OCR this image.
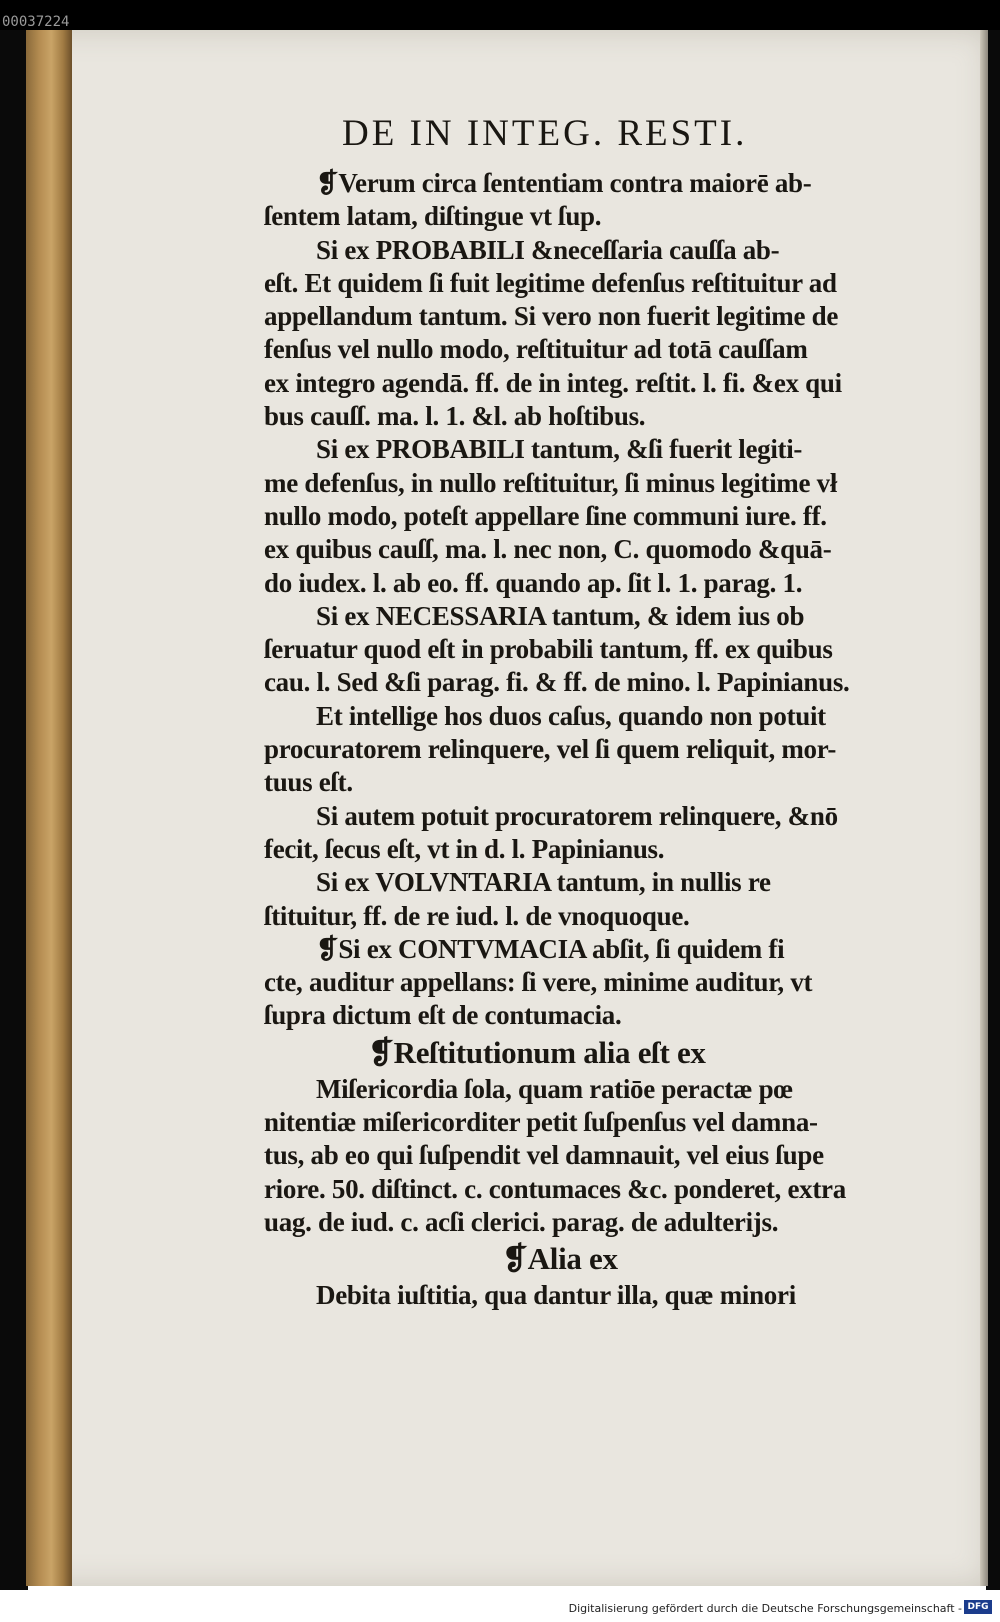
00037224
DE IN INTEG. RESTI.
❡Verum circa ſententiam contra maiorē ab-
ſentem latam, diſtingue vt ſup.
Si ex PROBABILI &neceſſaria cauſſa ab-
eſt. Et quidem ſi fuit legitime defenſus reſtituitur ad
appellandum tantum. Si vero non fuerit legitime de
fenſus vel nullo modo, reſtituitur ad totā cauſſam
ex integro agendā. ff. de in integ. reſtit. l. fi. &ex qui
bus cauſſ. ma. l. 1. &l. ab hoſtibus.
Si ex PROBABILI tantum, &ſi fuerit legiti-
me defenſus, in nullo reſtituitur, ſi minus legitime vł
nullo modo, poteſt appellare ſine communi iure. ff.
ex quibus cauſſ, ma. l. nec non, C. quomodo &quā-
do iudex. l. ab eo. ff. quando ap. ſit l. 1. parag. 1.
Si ex NECESSARIA tantum, & idem ius ob
ſeruatur quod eſt in probabili tantum, ff. ex quibus
cau. l. Sed &ſi parag. fi. & ff. de mino. l. Papinianus.
Et intellige hos duos caſus, quando non potuit
procuratorem relinquere, vel ſi quem reliquit, mor-
tuus eſt.
Si autem potuit procuratorem relinquere, &nō
fecit, ſecus eſt, vt in d. l. Papinianus.
Si ex VOLVNTARIA tantum, in nullis re
ſtituitur, ff. de re iud. l. de vnoquoque.
❡Si ex CONTVMACIA abſit, ſi quidem fi
cte, auditur appellans: ſi vere, minime auditur, vt
ſupra dictum eſt de contumacia.
❡Reſtitutionum alia eſt ex
Miſericordia ſola, quam ratiōe peractæ pœ
nitentiæ miſericorditer petit ſuſpenſus vel damna-
tus, ab eo qui ſuſpendit vel damnauit, vel eius ſupe
riore. 50. diſtinct. c. contumaces &c. ponderet, extra
uag. de iud. c. acſi clerici. parag. de adulterijs.
❡Alia ex
Debita iuſtitia, qua dantur illa, quæ minori
Digitalisierung gefördert durch die Deutsche Forschungsgemeinschaft - DFG
